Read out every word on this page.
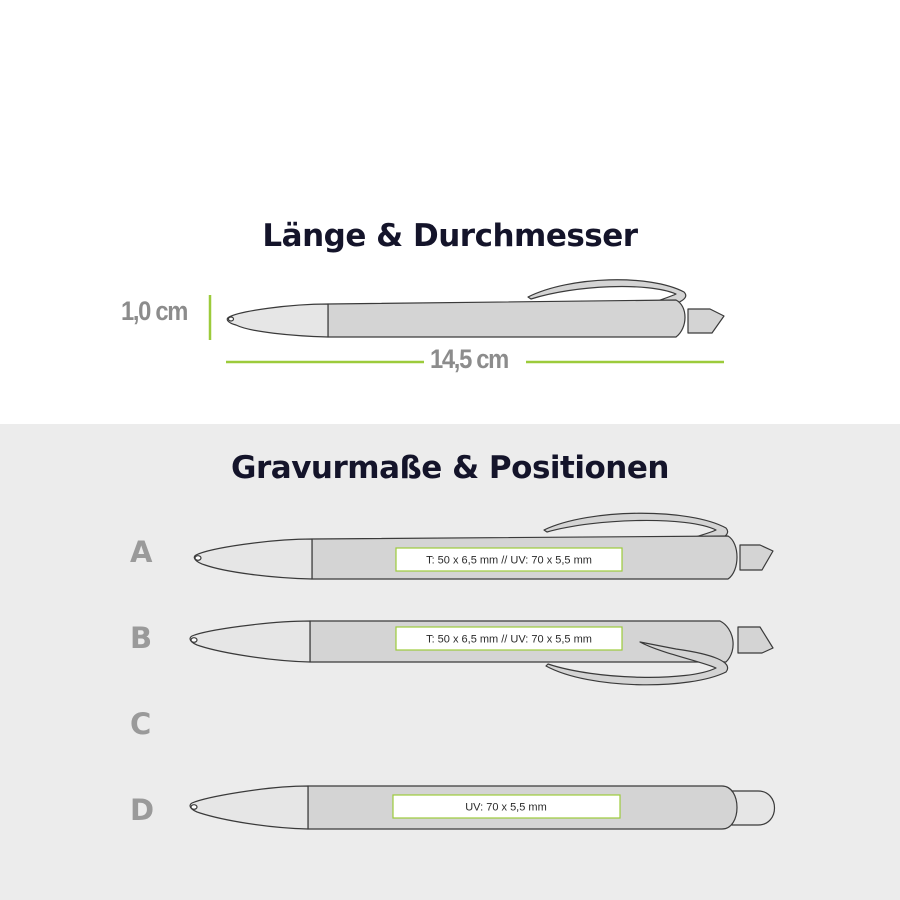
Länge & Durchmesser
Gravurmaße & Positionen
1,0 cm
14,5 cm
A
B
C
D
T: 50 x 6,5 mm // UV: 70 x 5,5 mm
T: 50 x 6,5 mm // UV: 70 x 5,5 mm
UV: 70 x 5,5 mm
